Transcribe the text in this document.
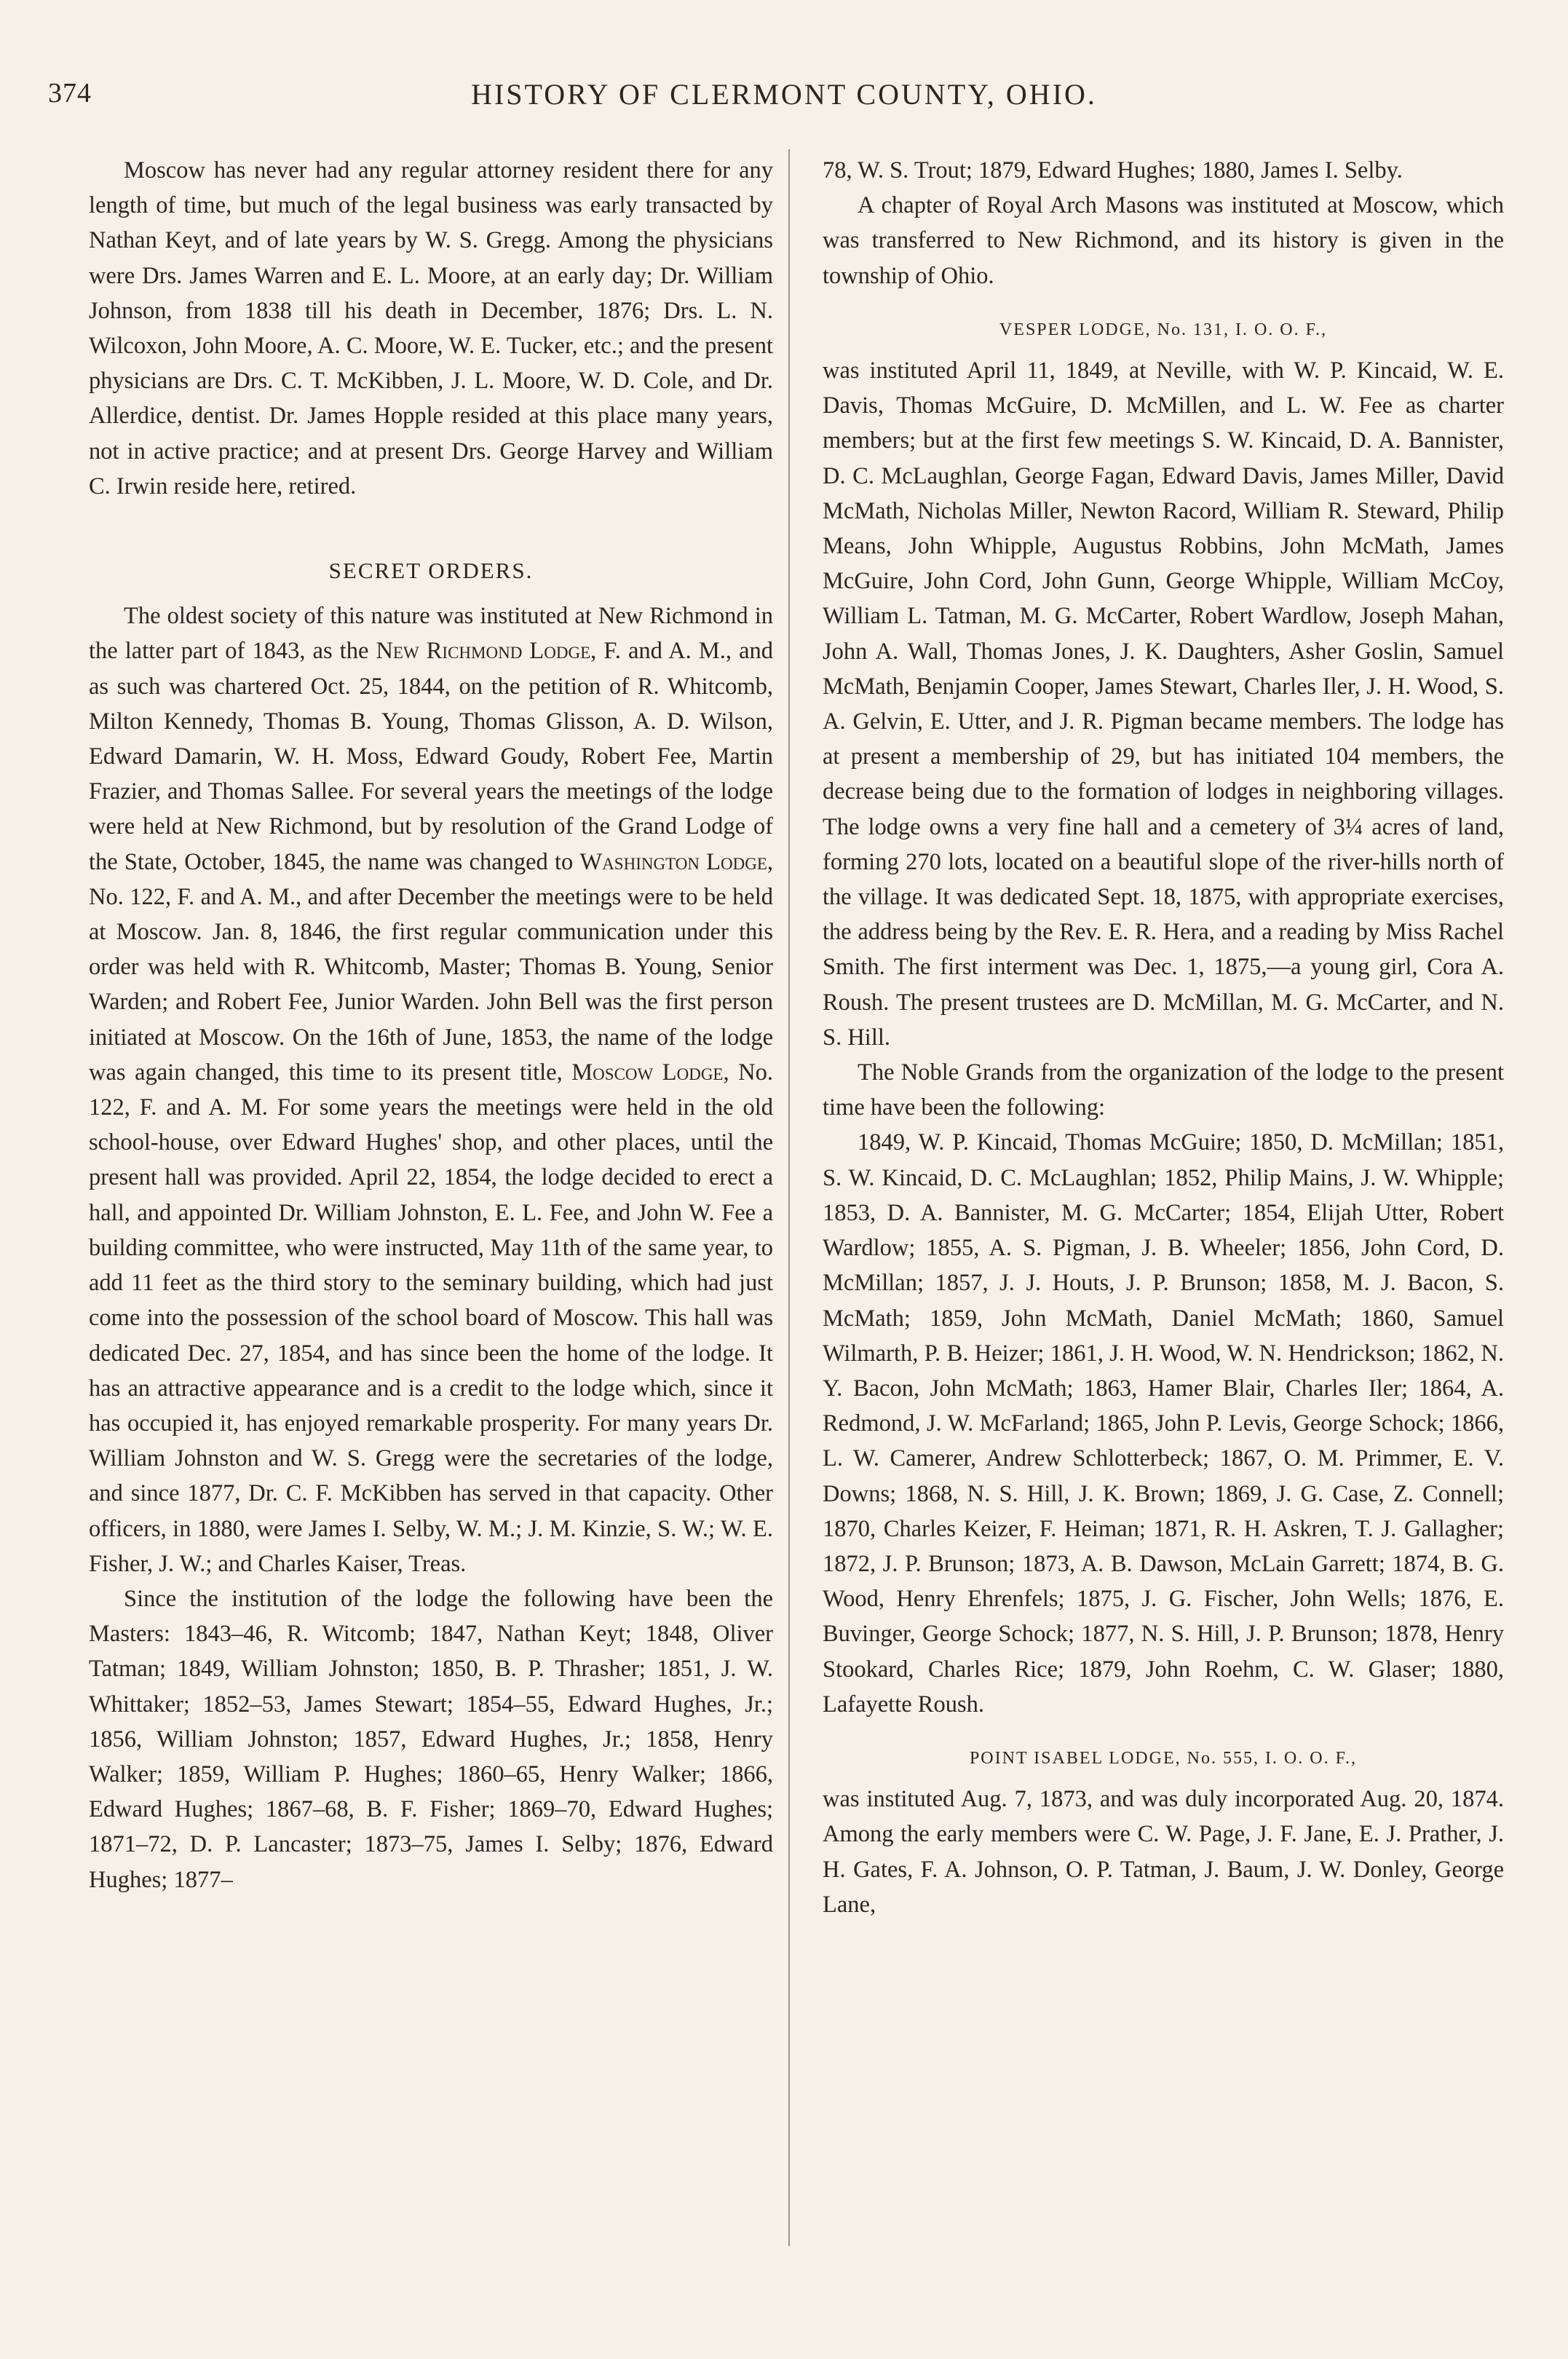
374	HISTORY OF CLERMONT COUNTY, OHIO.

Moscow has never had any regular attorney resident there for any length of time, but much of the legal business was early transacted by Nathan Keyt, and of late years by W. S. Gregg. Among the physicians were Drs. James Warren and E. L. Moore, at an early day; Dr. William Johnson, from 1838 till his death in December, 1876; Drs. L. N. Wilcoxon, John Moore, A. C. Moore, W. E. Tucker, etc.; and the present physicians are Drs. C. T. McKibben, J. L. Moore, W. D. Cole, and Dr. Allerdice, dentist. Dr. James Hopple resided at this place many years, not in active practice; and at present Drs. George Harvey and William C. Irwin reside here, retired.

SECRET ORDERS.

The oldest society of this nature was instituted at New Richmond in the latter part of 1843, as the New Richmond Lodge, F. and A. M., and as such was chartered Oct. 25, 1844, on the petition of R. Whitcomb, Milton Kennedy, Thomas B. Young, Thomas Glisson, A. D. Wilson, Edward Damarin, W. H. Moss, Edward Goudy, Robert Fee, Martin Frazier, and Thomas Sallee. For several years the meetings of the lodge were held at New Richmond, but by resolution of the Grand Lodge of the State, October, 1845, the name was changed to Washington Lodge, No. 122, F. and A. M., and after December the meetings were to be held at Moscow. Jan. 8, 1846, the first regular communication under this order was held with R. Whitcomb, Master; Thomas B. Young, Senior Warden; and Robert Fee, Junior Warden. John Bell was the first person initiated at Moscow. On the 16th of June, 1853, the name of the lodge was again changed, this time to its present title, Moscow Lodge, No. 122, F. and A. M. For some years the meetings were held in the old school-house, over Edward Hughes' shop, and other places, until the present hall was provided. April 22, 1854, the lodge decided to erect a hall, and appointed Dr. William Johnston, E. L. Fee, and John W. Fee a building committee, who were instructed, May 11th of the same year, to add 11 feet as the third story to the seminary building, which had just come into the possession of the school board of Moscow. This hall was dedicated Dec. 27, 1854, and has since been the home of the lodge. It has an attractive appearance and is a credit to the lodge which, since it has occupied it, has enjoyed remarkable prosperity. For many years Dr. William Johnston and W. S. Gregg were the secretaries of the lodge, and since 1877, Dr. C. F. McKibben has served in that capacity. Other officers, in 1880, were James I. Selby, W. M.; J. M. Kinzie, S. W.; W. E. Fisher, J. W.; and Charles Kaiser, Treas.

Since the institution of the lodge the following have been the Masters: 1843–46, R. Witcomb; 1847, Nathan Keyt; 1848, Oliver Tatman; 1849, William Johnston; 1850, B. P. Thrasher; 1851, J. W. Whittaker; 1852–53, James Stewart; 1854–55, Edward Hughes, Jr.; 1856, William Johnston; 1857, Edward Hughes, Jr.; 1858, Henry Walker; 1859, William P. Hughes; 1860–65, Henry Walker; 1866, Edward Hughes; 1867–68, B. F. Fisher; 1869–70, Edward Hughes; 1871–72, D. P. Lancaster; 1873–75, James I. Selby; 1876, Edward Hughes; 1877–

78, W. S. Trout; 1879, Edward Hughes; 1880, James I. Selby.

A chapter of Royal Arch Masons was instituted at Moscow, which was transferred to New Richmond, and its history is given in the township of Ohio.

VESPER LODGE, No. 131, I. O. O. F.,

was instituted April 11, 1849, at Neville, with W. P. Kincaid, W. E. Davis, Thomas McGuire, D. McMillen, and L. W. Fee as charter members; but at the first few meetings S. W. Kincaid, D. A. Bannister, D. C. McLaughlan, George Fagan, Edward Davis, James Miller, David McMath, Nicholas Miller, Newton Racord, William R. Steward, Philip Means, John Whipple, Augustus Robbins, John McMath, James McGuire, John Cord, John Gunn, George Whipple, William McCoy, William L. Tatman, M. G. McCarter, Robert Wardlow, Joseph Mahan, John A. Wall, Thomas Jones, J. K. Daughters, Asher Goslin, Samuel McMath, Benjamin Cooper, James Stewart, Charles Iler, J. H. Wood, S. A. Gelvin, E. Utter, and J. R. Pigman became members. The lodge has at present a membership of 29, but has initiated 104 members, the decrease being due to the formation of lodges in neighboring villages. The lodge owns a very fine hall and a cemetery of 3¼ acres of land, forming 270 lots, located on a beautiful slope of the river-hills north of the village. It was dedicated Sept. 18, 1875, with appropriate exercises, the address being by the Rev. E. R. Hera, and a reading by Miss Rachel Smith. The first interment was Dec. 1, 1875,—a young girl, Cora A. Roush. The present trustees are D. McMillan, M. G. McCarter, and N. S. Hill.

The Noble Grands from the organization of the lodge to the present time have been the following:

1849, W. P. Kincaid, Thomas McGuire; 1850, D. McMillan; 1851, S. W. Kincaid, D. C. McLaughlan; 1852, Philip Mains, J. W. Whipple; 1853, D. A. Bannister, M. G. McCarter; 1854, Elijah Utter, Robert Wardlow; 1855, A. S. Pigman, J. B. Wheeler; 1856, John Cord, D. McMillan; 1857, J. J. Houts, J. P. Brunson; 1858, M. J. Bacon, S. McMath; 1859, John McMath, Daniel McMath; 1860, Samuel Wilmarth, P. B. Heizer; 1861, J. H. Wood, W. N. Hendrickson; 1862, N. Y. Bacon, John McMath; 1863, Hamer Blair, Charles Iler; 1864, A. Redmond, J. W. McFarland; 1865, John P. Levis, George Schock; 1866, L. W. Camerer, Andrew Schlotterbeck; 1867, O. M. Primmer, E. V. Downs; 1868, N. S. Hill, J. K. Brown; 1869, J. G. Case, Z. Connell; 1870, Charles Keizer, F. Heiman; 1871, R. H. Askren, T. J. Gallagher; 1872, J. P. Brunson; 1873, A. B. Dawson, McLain Garrett; 1874, B. G. Wood, Henry Ehrenfels; 1875, J. G. Fischer, John Wells; 1876, E. Buvinger, George Schock; 1877, N. S. Hill, J. P. Brunson; 1878, Henry Stookard, Charles Rice; 1879, John Roehm, C. W. Glaser; 1880, Lafayette Roush.

POINT ISABEL LODGE, No. 555, I. O. O. F.,

was instituted Aug. 7, 1873, and was duly incorporated Aug. 20, 1874. Among the early members were C. W. Page, J. F. Jane, E. J. Prather, J. H. Gates, F. A. Johnson, O. P. Tatman, J. Baum, J. W. Donley, George Lane,
